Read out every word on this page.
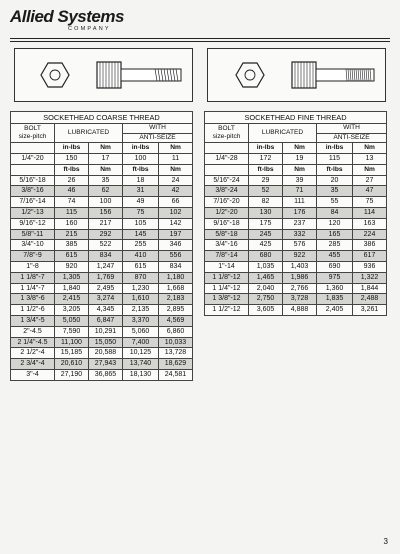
Allied Systems
COMPANY
SOCKETHEAD COARSE THREAD				

BOLT
size-pitch	LUBRICATED		WITH	
			ANTI-SEIZE	
	in-lbs	Nm	in-lbs	Nm
1/4"-20	150	17	100	11
	ft-lbs	Nm	ft-lbs	Nm
5/16"-18	26	35	18	24
3/8"-16	46	62	31	42
7/16"-14	74	100	49	66
1/2"-13	115	156	75	102
9/16"-12	160	217	105	142
5/8"-11	215	292	145	197
3/4"-10	385	522	255	346
7/8"-9	615	834	410	556
1"-8	920	1,247	615	834
1 1/8"-7	1,305	1,769	870	1,180
1 1/4"-7	1,840	2,495	1,230	1,668
1 3/8"-6	2,415	3,274	1,610	2,183
1 1/2"-6	3,205	4,345	2,135	2,895
1 3/4"-5	5,050	6,847	3,370	4,569
2"-4.5	7,590	10,291	5,060	6,860
2 1/4"-4.5	11,100	15,050	7,400	10,033
2 1/2"-4	15,185	20,588	10,125	13,728
2 3/4"-4	20,610	27,943	13,740	18,629
3"-4	27,190	36,865	18,130	24,581
SOCKETHEAD FINE THREAD				

BOLT
size-pitch	LUBRICATED		WITH	
			ANTI-SEIZE	
	in-lbs	Nm	in-lbs	Nm
1/4"-28	172	19	115	13
	ft-lbs	Nm	ft-lbs	Nm
5/16"-24	29	39	20	27
3/8"-24	52	71	35	47
7/16"-20	82	111	55	75
1/2"-20	130	176	84	114
9/16"-18	175	237	120	163
5/8"-18	245	332	165	224
3/4"-16	425	576	285	386
7/8"-14	680	922	455	617
1"-14	1,035	1,403	690	936
1 1/8"-12	1,465	1,986	975	1,322
1 1/4"-12	2,040	2,766	1,360	1,844
1 3/8"-12	2,750	3,728	1,835	2,488
1 1/2"-12	3,605	4,888	2,405	3,261
3
